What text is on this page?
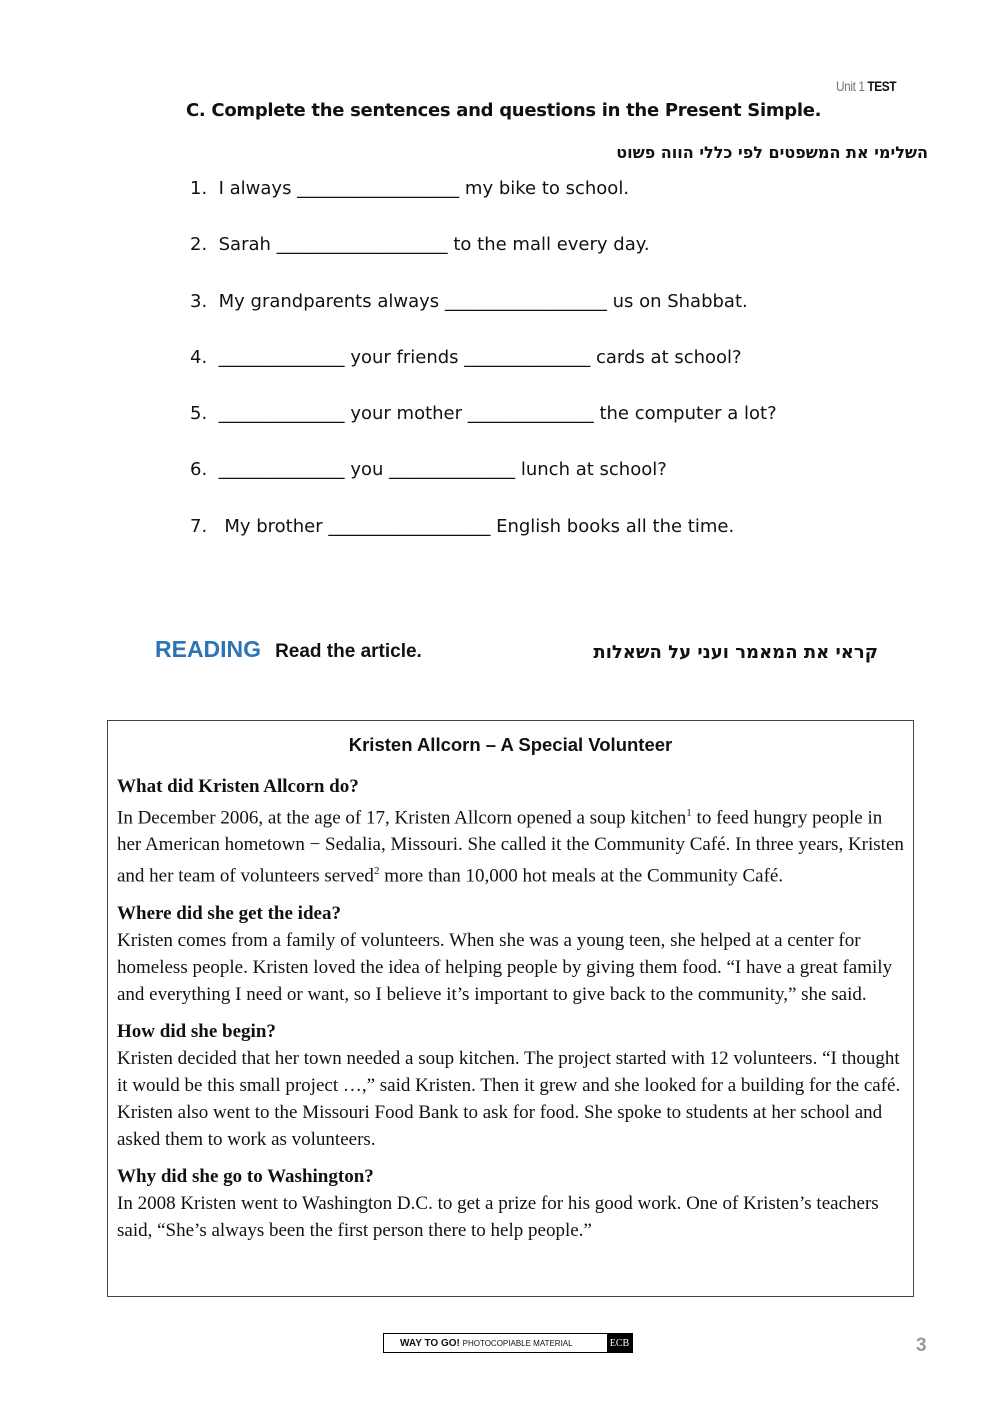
Unit 1 TEST
C. Complete the sentences and questions in the Present Simple.
השלימי את המשפטים לפי כללי הווה פשוט
1.  I always __________________ my bike to school.
2.  Sarah ___________________ to the mall every day.
3.  My grandparents always __________________ us on Shabbat.
4.  ______________ your friends ______________ cards at school?
5.  ______________ your mother ______________ the computer a lot?
6.  ______________ you ______________ lunch at school?
7.   My brother __________________ English books all the time.
READING Read the article.	קראי את המאמר ועני על השאלות
Kristen Allcorn – A Special Volunteer
What did Kristen Allcorn do?

In December 2006, at the age of 17, Kristen Allcorn opened a soup kitchen$^1$ to feed hungry people in her American hometown − Sedalia, Missouri. She called it the Community Café. In three years, Kristen and her team of volunteers served$^2$ more than 10,000 hot meals at the Community Café.

Where did she get the idea?

Kristen comes from a family of volunteers. When she was a young teen, she helped at a center for homeless people. Kristen loved the idea of helping people by giving them food. “I have a great family and everything I need or want, so I believe it’s important to give back to the community,” she said.

How did she begin?

Kristen decided that her town needed a soup kitchen. The project started with 12 volunteers. “I thought it would be this small project …,” said Kristen. Then it grew and she looked for a building for the café. Kristen also went to the Missouri Food Bank to ask for food. She spoke to students at her school and asked them to work as volunteers.

Why did she go to Washington?

In 2008 Kristen went to Washington D.C. to get a prize for his good work. One of Kristen’s teachers said, “She’s always been the first person there to help people.”

WAY TO GO! PHOTOCOPIABLE MATERIAL	ECB	3
